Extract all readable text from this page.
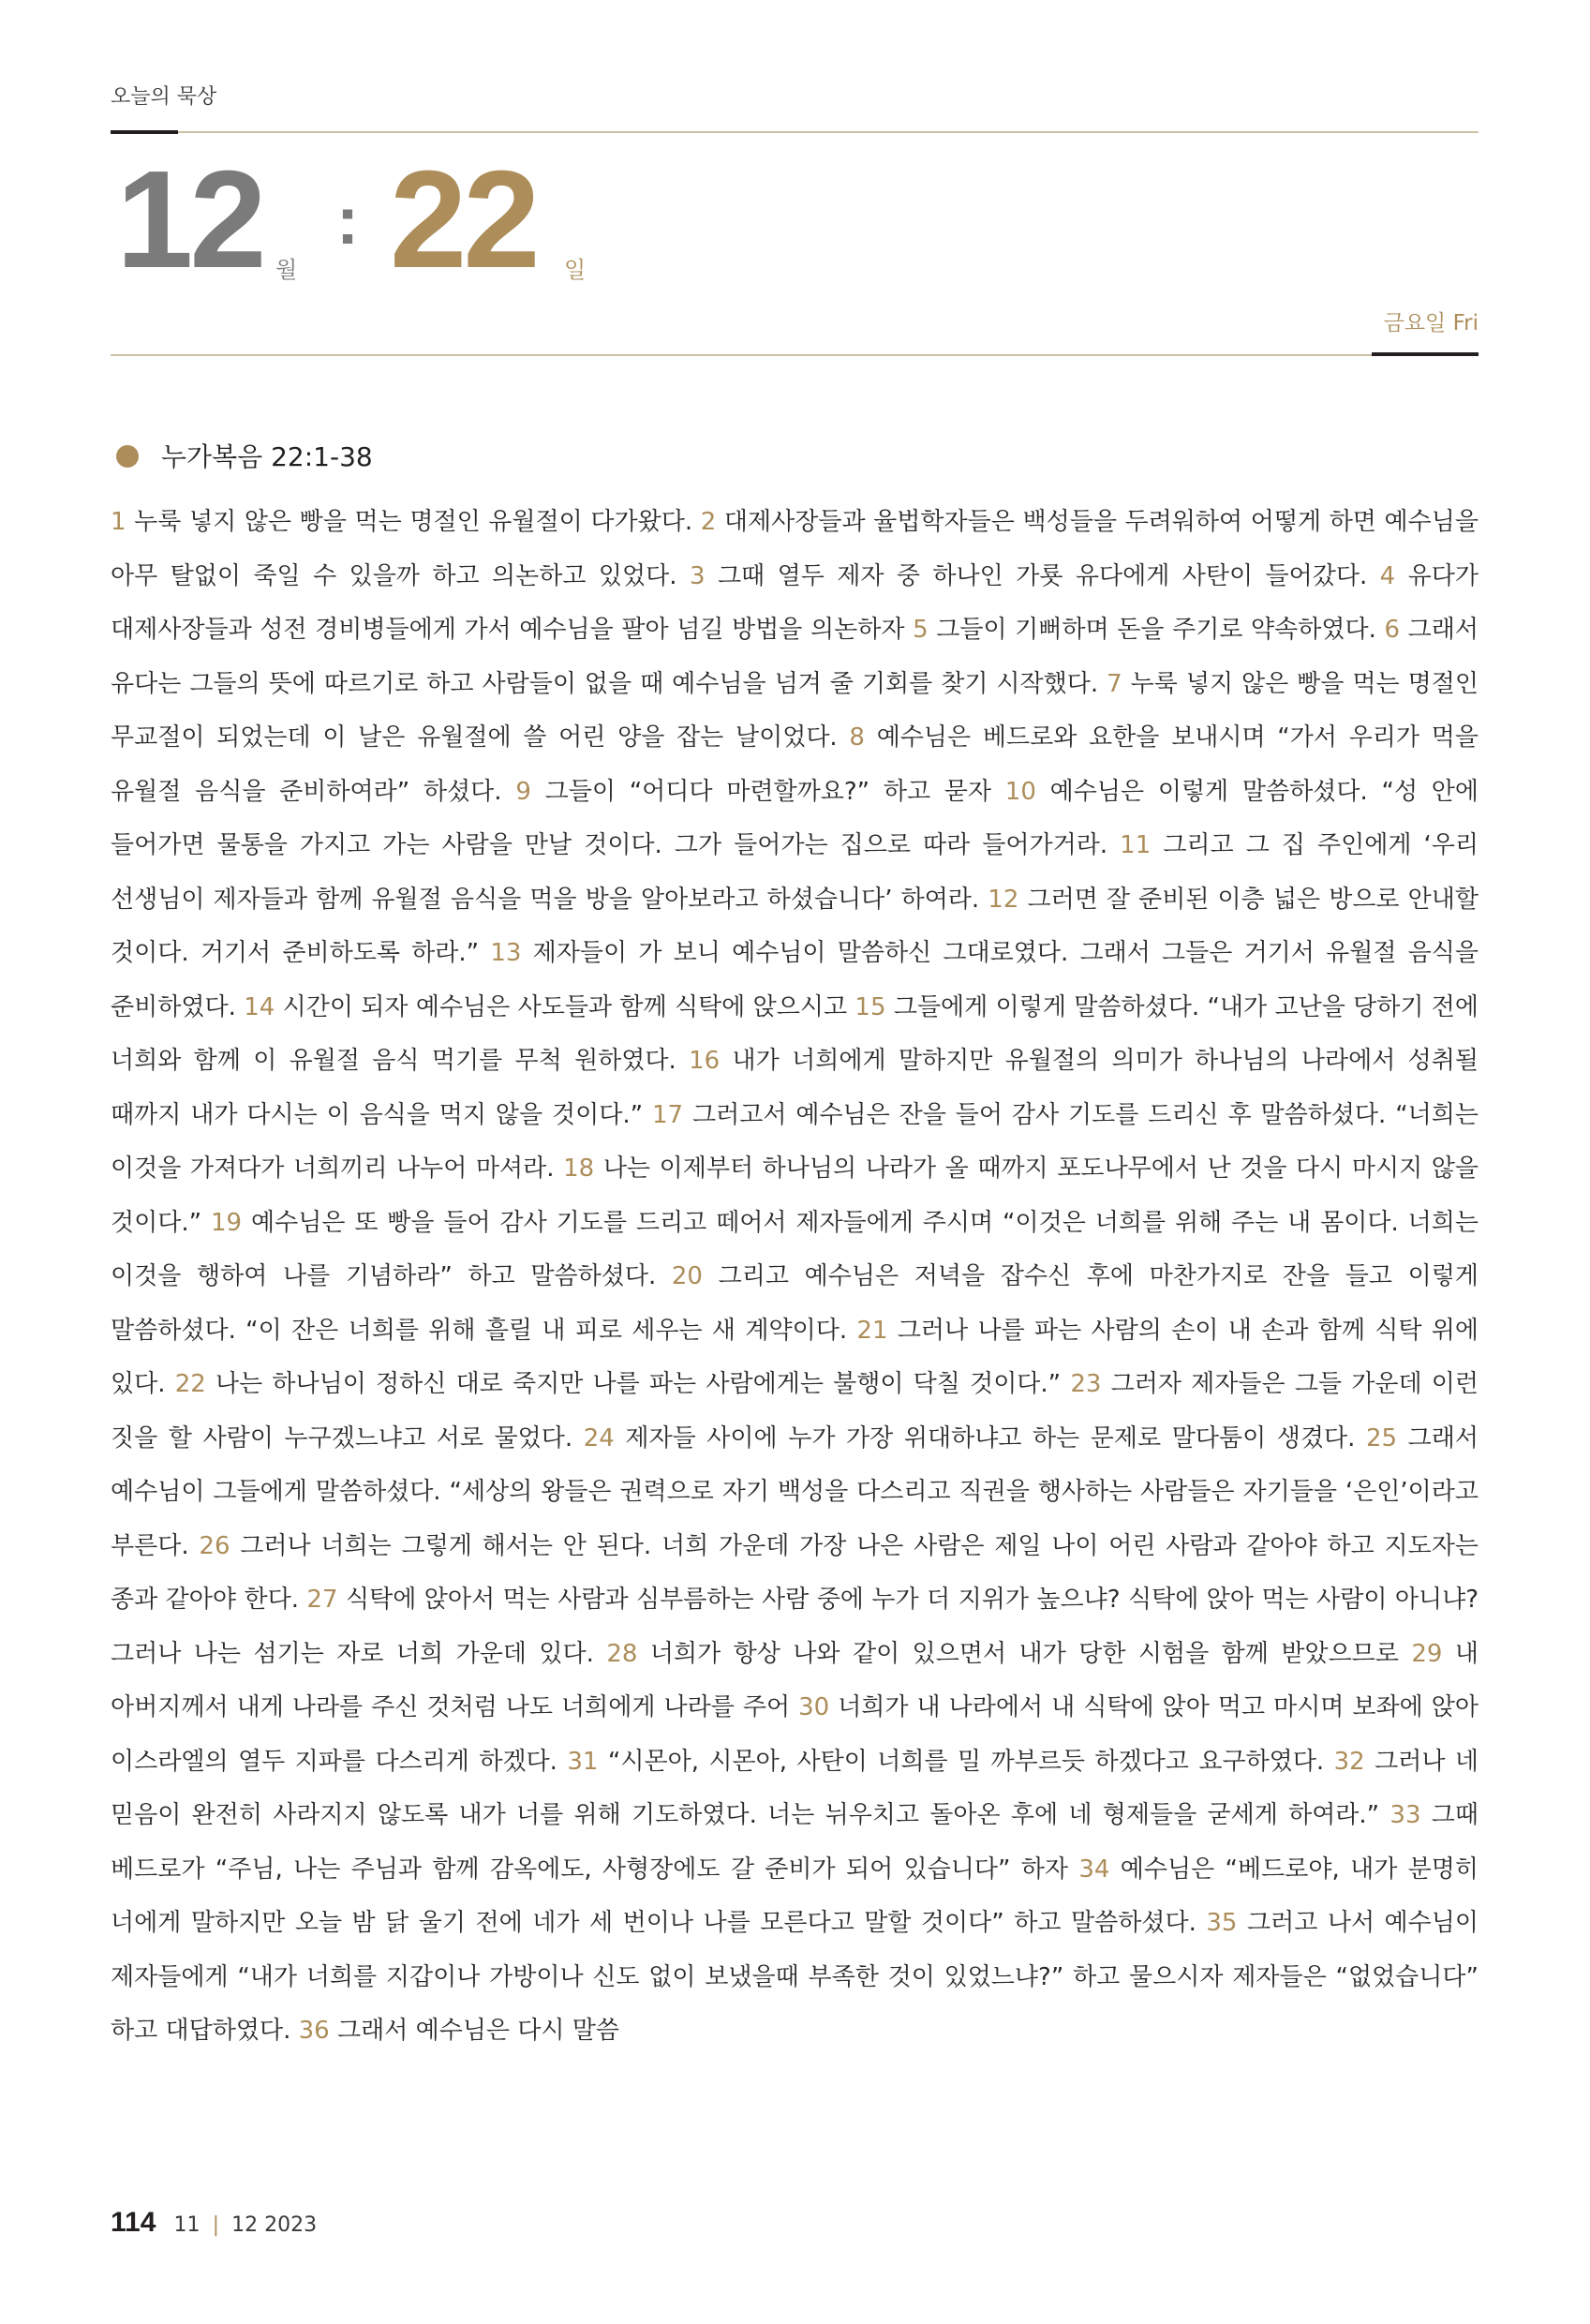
오늘의 묵상
12 월
: 22 일
금요일 Fri
누가복음 22:1-38
1 누룩 넣지 않은 빵을 먹는 명절인 유월절이 다가왔다. 2 대제사장들과 율법학자들은 백성들을 두려워하여 어떻게 하면 예수님을 아무 탈없이 죽일 수 있을까 하고 의논하고 있었다. 3 그때 열두 제자 중 하나인 가룟 유다에게 사탄이 들어갔다. 4 유다가 대제사장들과 성전 경비병들에게 가서 예수님을 팔아 넘길 방법을 의논하자 5 그들이 기뻐하며 돈을 주기로 약속하였다. 6 그래서 유다는 그들의 뜻에 따르기로 하고 사람들이 없을 때 예수님을 넘겨 줄 기회를 찾기 시작했다. 7 누룩 넣지 않은 빵을 먹는 명절인 무교절이 되었는데 이 날은 유월절에 쓸 어린 양을 잡는 날이었다. 8 예수님은 베드로와 요한을 보내시며 “가서 우리가 먹을 유월절 음식을 준비하여라” 하셨다. 9 그들이 “어디다 마련할까요?” 하고 묻자 10 예수님은 이렇게 말씀하셨다. “성 안에 들어가면 물통을 가지고 가는 사람을 만날 것이다. 그가 들어가는 집으로 따라 들어가거라. 11 그리고 그 집 주인에게 ‘우리 선생님이 제자들과 함께 유월절 음식을 먹을 방을 알아보라고 하셨습니다’ 하여라. 12 그러면 잘 준비된 이층 넓은 방으로 안내할 것이다. 거기서 준비하도록 하라.” 13 제자들이 가 보니 예수님이 말씀하신 그대로였다. 그래서 그들은 거기서 유월절 음식을 준비하였다. 14 시간이 되자 예수님은 사도들과 함께 식탁에 앉으시고 15 그들에게 이렇게 말씀하셨다. “내가 고난을 당하기 전에 너희와 함께 이 유월절 음식 먹기를 무척 원하였다. 16 내가 너희에게 말하지만 유월절의 의미가 하나님의 나라에서 성취될 때까지 내가 다시는 이 음식을 먹지 않을 것이다.” 17 그러고서 예수님은 잔을 들어 감사 기도를 드리신 후 말씀하셨다. “너희는 이것을 가져다가 너희끼리 나누어 마셔라. 18 나는 이제부터 하나님의 나라가 올 때까지 포도나무에서 난 것을 다시 마시지 않을 것이다.” 19 예수님은 또 빵을 들어 감사 기도를 드리고 떼어서 제자들에게 주시며 “이것은 너희를 위해 주는 내 몸이다. 너희는 이것을 행하여 나를 기념하라” 하고 말씀하셨다. 20 그리고 예수님은 저녁을 잡수신 후에 마찬가지로 잔을 들고 이렇게 말씀하셨다. “이 잔은 너희를 위해 흘릴 내 피로 세우는 새 계약이다. 21 그러나 나를 파는 사람의 손이 내 손과 함께 식탁 위에 있다. 22 나는 하나님이 정하신 대로 죽지만 나를 파는 사람에게는 불행이 닥칠 것이다.” 23 그러자 제자들은 그들 가운데 이런 짓을 할 사람이 누구겠느냐고 서로 물었다. 24 제자들 사이에 누가 가장 위대하냐고 하는 문제로 말다툼이 생겼다. 25 그래서 예수님이 그들에게 말씀하셨다. “세상의 왕들은 권력으로 자기 백성을 다스리고 직권을 행사하는 사람들은 자기들을 ‘은인’이라고 부른다. 26 그러나 너희는 그렇게 해서는 안 된다. 너희 가운데 가장 나은 사람은 제일 나이 어린 사람과 같아야 하고 지도자는 종과 같아야 한다. 27 식탁에 앉아서 먹는 사람과 심부름하는 사람 중에 누가 더 지위가 높으냐? 식탁에 앉아 먹는 사람이 아니냐? 그러나 나는 섬기는 자로 너희 가운데 있다. 28 너희가 항상 나와 같이 있으면서 내가 당한 시험을 함께 받았으므로 29 내 아버지께서 내게 나라를 주신 것처럼 나도 너희에게 나라를 주어 30 너희가 내 나라에서 내 식탁에 앉아 먹고 마시며 보좌에 앉아 이스라엘의 열두 지파를 다스리게 하겠다. 31 “시몬아, 시몬아, 사탄이 너희를 밀 까부르듯 하겠다고 요구하였다. 32 그러나 네 믿음이 완전히 사라지지 않도록 내가 너를 위해 기도하였다. 너는 뉘우치고 돌아온 후에 네 형제들을 굳세게 하여라.” 33 그때 베드로가 “주님, 나는 주님과 함께 감옥에도, 사형장에도 갈 준비가 되어 있습니다” 하자 34 예수님은 “베드로야, 내가 분명히 너에게 말하지만 오늘 밤 닭 울기 전에 네가 세 번이나 나를 모른다고 말할 것이다” 하고 말씀하셨다. 35 그러고 나서 예수님이 제자들에게 “내가 너희를 지갑이나 가방이나 신도 없이 보냈을때 부족한 것이 있었느냐?” 하고 물으시자 제자들은 “없었습니다” 하고 대답하였다. 36 그래서 예수님은 다시 말씀
114 11 | 12 2023
